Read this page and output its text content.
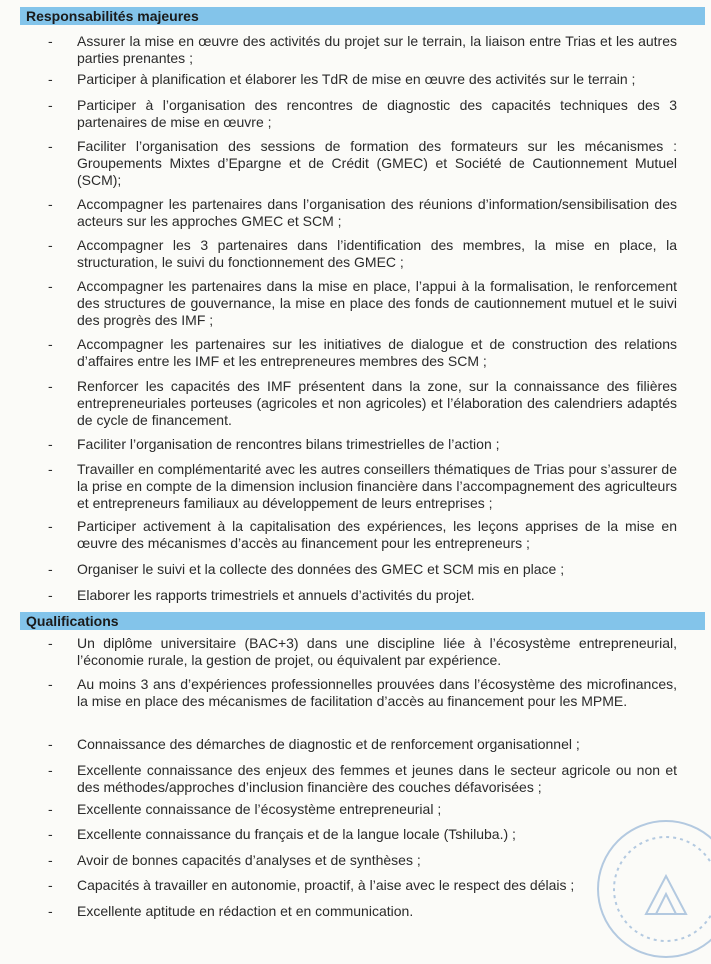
Responsabilités majeures
- Assurer la mise en œuvre des activités du projet sur le terrain, la liaison entre Trias et les autres parties prenantes ;
- Participer à planification et élaborer les TdR de mise en œuvre des activités sur le terrain ;
- Participer à l’organisation des rencontres de diagnostic des capacités techniques des 3 partenaires de mise en œuvre ;
- Faciliter l’organisation des sessions de formation des formateurs sur les mécanismes : Groupements Mixtes d’Epargne et de Crédit (GMEC) et Société de Cautionnement Mutuel (SCM);
- Accompagner les partenaires dans l’organisation des réunions d’information/sensibilisation des acteurs sur les approches GMEC et SCM ;
- Accompagner les 3 partenaires dans l’identification des membres, la mise en place, la structuration, le suivi du fonctionnement des GMEC ;
- Accompagner les partenaires dans la mise en place, l’appui à la formalisation, le renforcement des structures de gouvernance, la mise en place des fonds de cautionnement mutuel et le suivi des progrès des IMF ;
- Accompagner les partenaires sur les initiatives de dialogue et de construction des relations d’affaires entre les IMF et les entrepreneures membres des SCM ;
- Renforcer les capacités des IMF présentent dans la zone, sur la connaissance des filières entrepreneuriales porteuses (agricoles et non agricoles) et l’élaboration des calendriers adaptés de cycle de financement.
- Faciliter l’organisation de rencontres bilans trimestrielles de l’action ;
- Travailler en complémentarité avec les autres conseillers thématiques de Trias pour s’assurer de la prise en compte de la dimension inclusion financière dans l’accompagnement des agriculteurs et entrepreneurs familiaux au développement de leurs entreprises ;
- Participer activement à la capitalisation des expériences, les leçons apprises de la mise en œuvre des mécanismes d’accès au financement pour les entrepreneurs ;
- Organiser le suivi et la collecte des données des GMEC et SCM mis en place ;
- Elaborer les rapports trimestriels et annuels d’activités du projet.
Qualifications
- Un diplôme universitaire (BAC+3) dans une discipline liée à l’écosystème entrepreneurial, l’économie rurale, la gestion de projet, ou équivalent par expérience.
- Au moins 3 ans d’expériences professionnelles prouvées dans l’écosystème des microfinances, la mise en place des mécanismes de facilitation d’accès au financement pour les MPME.
- Connaissance des démarches de diagnostic et de renforcement organisationnel ;
- Excellente connaissance des enjeux des femmes et jeunes dans le secteur agricole ou non et des méthodes/approches d’inclusion financière des couches défavorisées ;
- Excellente connaissance de l’écosystème entrepreneurial ;
- Excellente connaissance du français et de la langue locale (Tshiluba.) ;
- Avoir de bonnes capacités d’analyses et de synthèses ;
- Capacités à travailler en autonomie, proactif, à l’aise avec le respect des délais ;
- Excellente aptitude en rédaction et en communication.
